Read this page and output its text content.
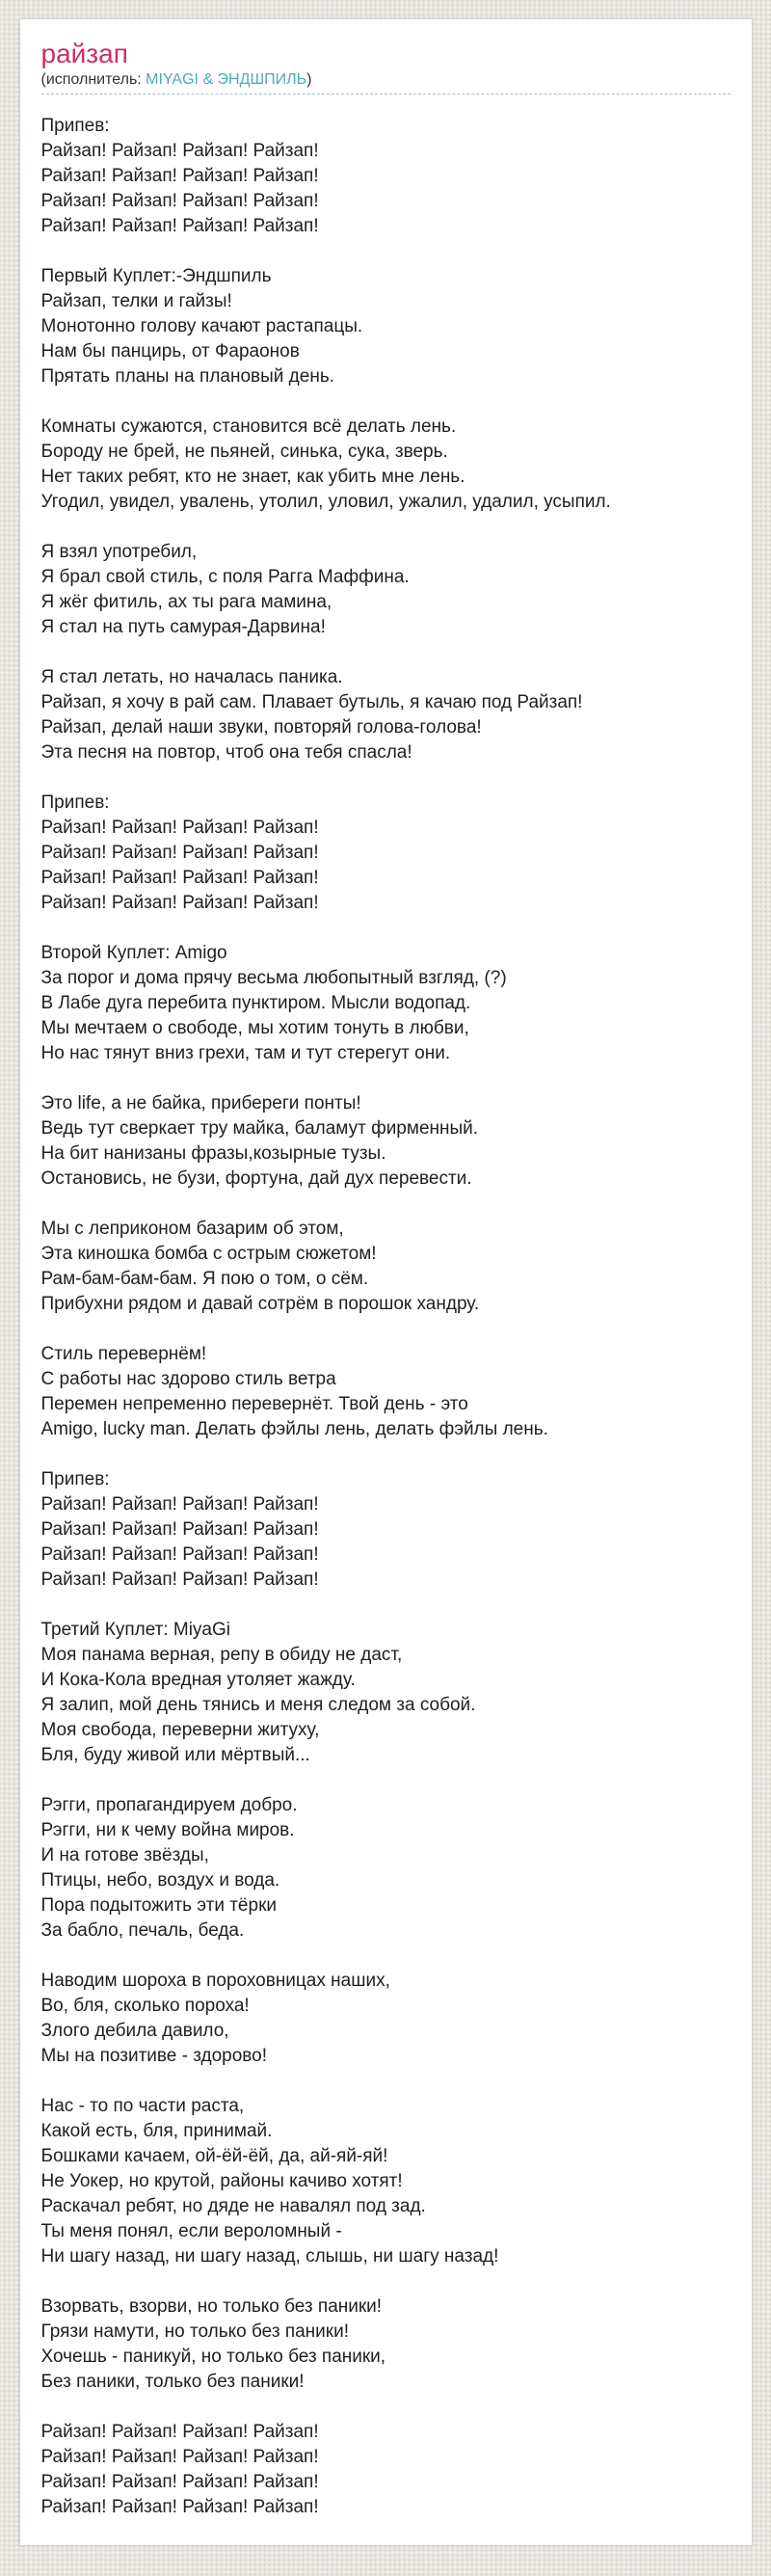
райзап
(исполнитель: MIYAGI & ЭНДШПИЛЬ)
Припев:
Райзап! Райзап! Райзап! Райзап!
Райзап! Райзап! Райзап! Райзап!
Райзап! Райзап! Райзап! Райзап!
Райзап! Райзап! Райзап! Райзап!
Первый Куплет:-Эндшпиль
Райзап, телки и гайзы!
Монотонно голову качают растапацы.
Нам бы панцирь, от Фараонов
Прятать планы на плановый день.
Комнаты сужаются, становится всё делать лень.
Бороду не брей, не пьяней, синька, сука, зверь.
Нет таких ребят, кто не знает, как убить мне лень.
Угодил, увидел, увалень, утолил, уловил, ужалил, удалил, усыпил.
Я взял употребил,
Я брал свой стиль, с поля Рагга Маффина.
Я жёг фитиль, ах ты рага мамина,
Я стал на путь самурая-Дарвина!
Я стал летать, но началась паника.
Райзап, я хочу в рай сам. Плавает бутыль, я качаю под Райзап!
Райзап, делай наши звуки, повторяй голова-голова!
Эта песня на повтор, чтоб она тебя спасла!
Припев:
Райзап! Райзап! Райзап! Райзап!
Райзап! Райзап! Райзап! Райзап!
Райзап! Райзап! Райзап! Райзап!
Райзап! Райзап! Райзап! Райзап!
Второй Куплет: Amigo
За порог и дома прячу весьма любопытный взгляд, (?)
В Лабе дуга перебита пунктиром. Мысли водопад.
Мы мечтаем о свободе, мы хотим тонуть в любви,
Но нас тянут вниз грехи, там и тут стерегут они.
Это life, а не байка, прибереги понты!
Ведь тут сверкает тру майка, баламут фирменный.
На бит нанизаны фразы,козырные тузы.
Остановись, не бузи, фортуна, дай дух перевести.
Мы с леприконом базарим об этом,
Эта киношка бомба с острым сюжетом!
Рам-бам-бам-бам. Я пою о том, о сём.
Прибухни рядом и давай сотрём в порошок хандру.
Стиль перевернём!
С работы нас здорово стиль ветра
Перемен непременно перевернёт. Твой день - это
Amigo, lucky man. Делать фэйлы лень, делать фэйлы лень.
Припев:
Райзап! Райзап! Райзап! Райзап!
Райзап! Райзап! Райзап! Райзап!
Райзап! Райзап! Райзап! Райзап!
Райзап! Райзап! Райзап! Райзап!
Третий Куплет: MiyaGi
Моя панама верная, репу в обиду не даст,
И Кока-Кола вредная утоляет жажду.
Я залип, мой день тянись и меня следом за собой.
Моя свобода, переверни житуху,
Бля, буду живой или мёртвый...
Рэгги, пропагандируем добро.
Рэгги, ни к чему война миров.
И на готове звёзды,
Птицы, небо, воздух и вода.
Пора подытожить эти тёрки
За бабло, печаль, беда.
Наводим шороха в пороховницах наших,
Во, бля, сколько пороха!
Злого дебила давило,
Мы на позитиве - здорово!
Нас - то по части раста,
Какой есть, бля, принимай.
Бошками качаем, ой-ёй-ёй, да, ай-яй-яй!
Не Уокер, но крутой, районы качиво хотят!
Раскачал ребят, но дяде не навалял под зад.
Ты меня понял, если вероломный -
Ни шагу назад, ни шагу назад, слышь, ни шагу назад!
Взорвать, взорви, но только без паники!
Грязи намути, но только без паники!
Хочешь - паникуй, но только без паники,
Без паники, только без паники!
Райзап! Райзап! Райзап! Райзап!
Райзап! Райзап! Райзап! Райзап!
Райзап! Райзап! Райзап! Райзап!
Райзап! Райзап! Райзап! Райзап!
